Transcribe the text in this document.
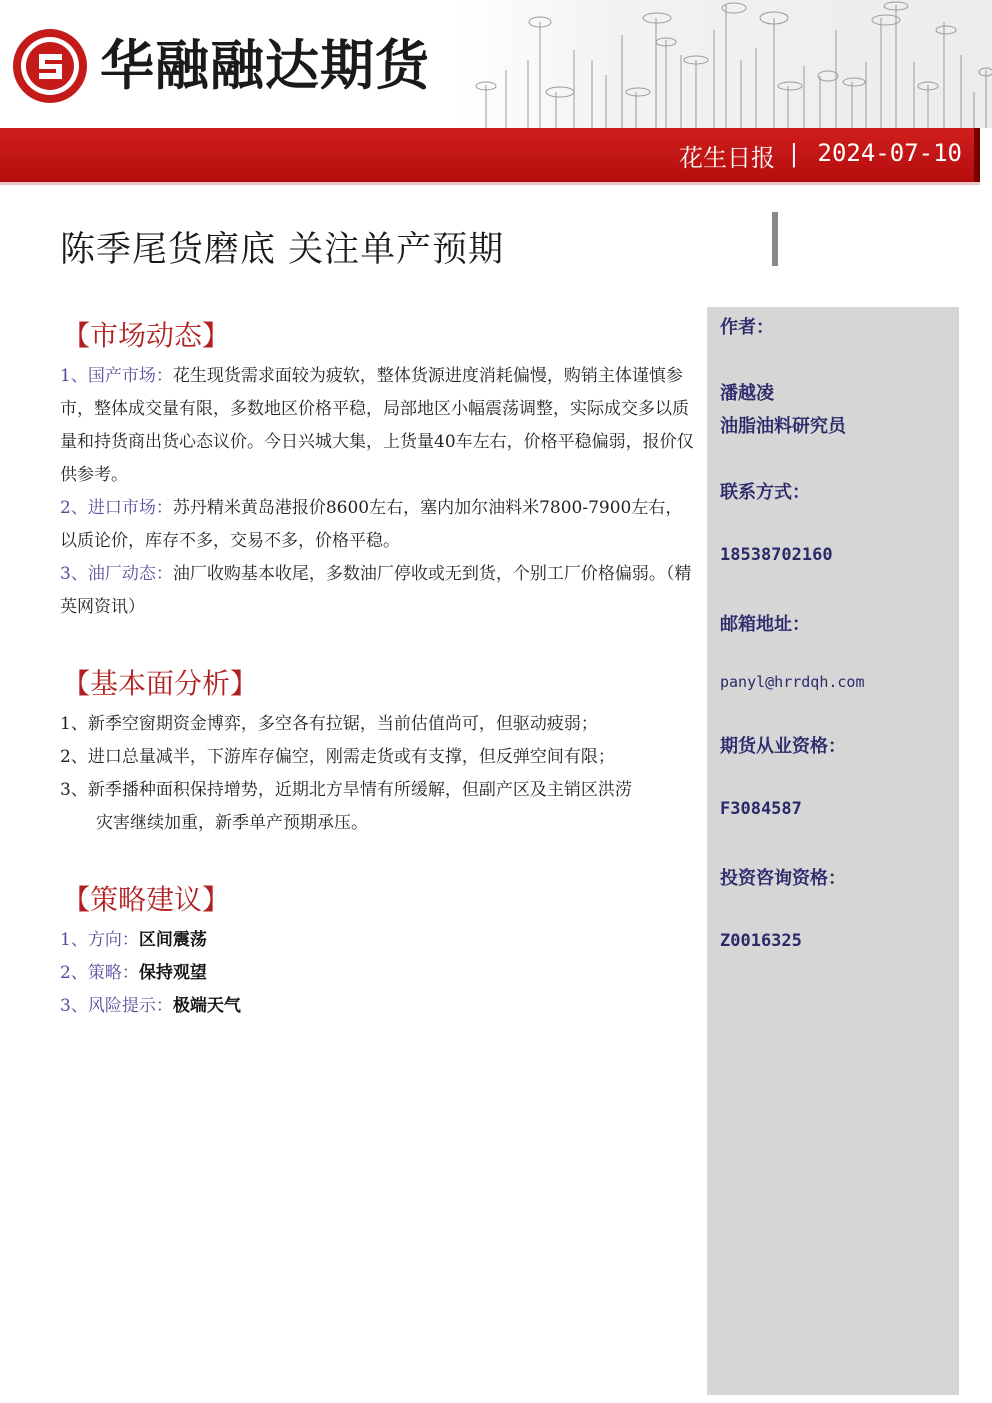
华融融达期货
花生日报 | 2024-07-10
陈季尾货磨底 关注单产预期
作者：
潘越凌
油脂油料研究员
联系方式：
18538702160
邮箱地址：
panyl@hrrdqh.com
期货从业资格：
F3084587
投资咨询资格：
Z0016325
【市场动态】
1、国产市场：花生现货需求面较为疲软，整体货源进度消耗偏慢，购销主体谨慎参市，整体成交量有限，多数地区价格平稳，局部地区小幅震荡调整，实际成交多以质量和持货商出货心态议价。今日兴城大集，上货量40车左右，价格平稳偏弱，报价仅供参考。
2、进口市场：苏丹精米黄岛港报价8600左右，塞内加尔油料米7800-7900左右，以质论价，库存不多，交易不多，价格平稳。
3、油厂动态：油厂收购基本收尾，多数油厂停收或无到货，个别工厂价格偏弱。（精英网资讯）
【基本面分析】
1、新季空窗期资金博弈，多空各有拉锯，当前估值尚可，但驱动疲弱；
2、进口总量减半，下游库存偏空，刚需走货或有支撑，但反弹空间有限；
3、新季播种面积保持增势，近期北方旱情有所缓解，但副产区及主销区洪涝
灾害继续加重，新季单产预期承压。
【策略建议】
1、方向：区间震荡
2、策略：保持观望
3、风险提示：极端天气
